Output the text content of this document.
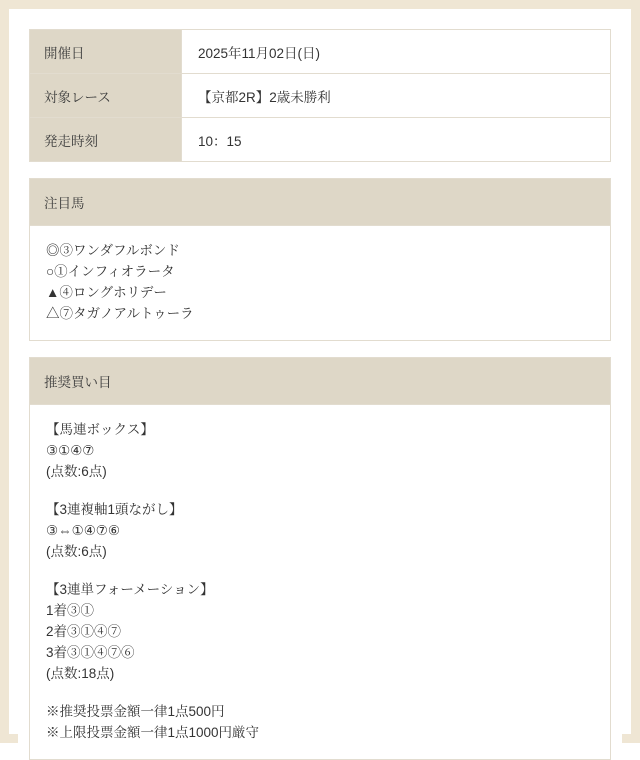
開催日	2025年11月02日(日)
対象レース	【京都2R】2歳未勝利
発走時刻	10：15
注目馬
◎③ワンダフルボンド
○①インフィオラータ
▲④ロングホリデー
△⑦タガノアルトゥーラ
推奨買い目
【馬連ボックス】
③①④⑦
(点数:6点)
【3連複軸1頭ながし】
③⇔①④⑦⑥
(点数:6点)
【3連単フォーメーション】
1着③①
2着③①④⑦
3着③①④⑦⑥
(点数:18点)
※推奨投票金額一律1点500円
※上限投票金額一律1点1000円厳守
